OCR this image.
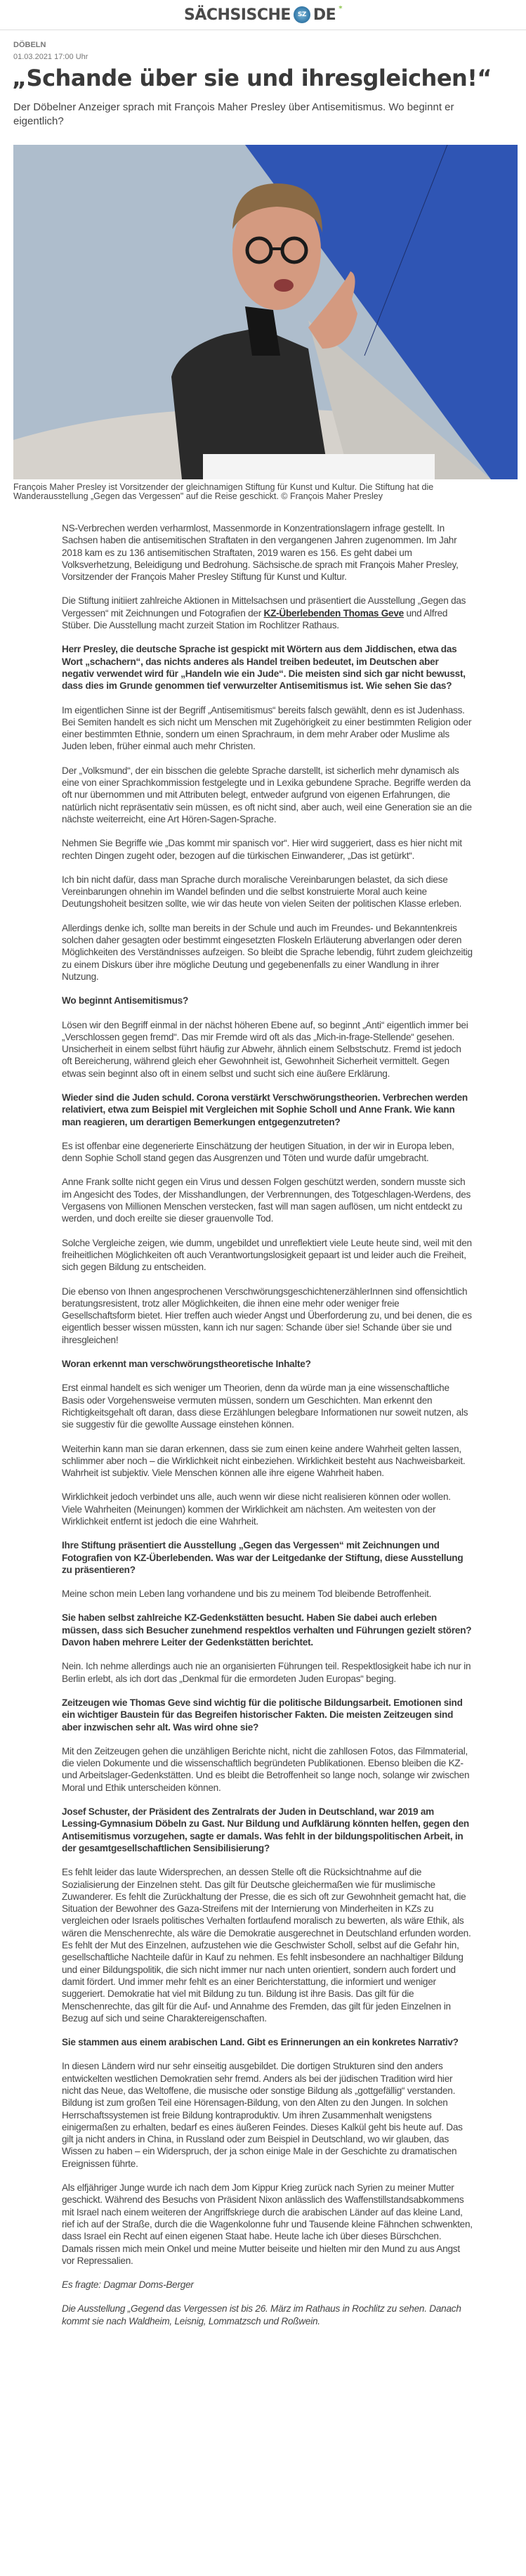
SÄCHSISCHE	SZ DE *
DÖBELN
01.03.2021 17:00 Uhr
„Schande über sie und ihresgleichen!“

Der Döbelner Anzeiger sprach mit François Maher Presley über Antisemitismus. Wo beginnt er eigentlich?

François Maher Presley ist Vorsitzender der gleichnamigen Stiftung für Kunst und Kultur. Die Stiftung hat die Wanderausstellung „Gegen das Vergessen" auf die Reise geschickt. © François Maher Presley

NS-Verbrechen werden verharmlost, Massenmorde in Konzentrationslagern infrage gestellt. In Sachsen haben die antisemitischen Straftaten in den vergangenen Jahren zugenommen. Im Jahr 2018 kam es zu 136 antisemitischen Straftaten, 2019 waren es 156. Es geht dabei um Volksverhetzung, Beleidigung und Bedrohung. Sächsische.de sprach mit François Maher Presley, Vorsitzender der François Maher Presley Stiftung für Kunst und Kultur.

Die Stiftung initiiert zahlreiche Aktionen in Mittelsachsen und präsentiert die Ausstellung „Gegen das Vergessen“ mit Zeichnungen und Fotografien der KZ-Überlebenden Thomas Geve und Alfred Stüber. Die Ausstellung macht zurzeit Station im Rochlitzer Rathaus.

Herr Presley, die deutsche Sprache ist gespickt mit Wörtern aus dem Jiddischen, etwa das Wort „schachern“, das nichts anderes als Handel treiben bedeutet, im Deutschen aber negativ verwendet wird für „Handeln wie ein Jude“. Die meisten sind sich gar nicht bewusst, dass dies im Grunde genommen tief verwurzelter Antisemitismus ist. Wie sehen Sie das?

Im eigentlichen Sinne ist der Begriff „Antisemitismus“ bereits falsch gewählt, denn es ist Judenhass. Bei Semiten handelt es sich nicht um Menschen mit Zugehörigkeit zu einer bestimmten Religion oder einer bestimmten Ethnie, sondern um einen Sprachraum, in dem mehr Araber oder Muslime als Juden leben, früher einmal auch mehr Christen.

Der „Volksmund“, der ein bisschen die gelebte Sprache darstellt, ist sicherlich mehr dynamisch als eine von einer Sprachkommission festgelegte und in Lexika gebundene Sprache. Begriffe werden da oft nur übernommen und mit Attributen belegt, entweder aufgrund von eigenen Erfahrungen, die natürlich nicht repräsentativ sein müssen, es oft nicht sind, aber auch, weil eine Generation sie an die nächste weiterreicht, eine Art Hören-Sagen-Sprache.

Nehmen Sie Begriffe wie „Das kommt mir spanisch vor“. Hier wird suggeriert, dass es hier nicht mit rechten Dingen zugeht oder, bezogen auf die türkischen Einwanderer, „Das ist getürkt“.

Ich bin nicht dafür, dass man Sprache durch moralische Vereinbarungen belastet, da sich diese Vereinbarungen ohnehin im Wandel befinden und die selbst konstruierte Moral auch keine Deutungshoheit besitzen sollte, wie wir das heute von vielen Seiten der politischen Klasse erleben.

Allerdings denke ich, sollte man bereits in der Schule und auch im Freundes- und Bekanntenkreis solchen daher gesagten oder bestimmt eingesetzten Floskeln Erläuterung abverlangen oder deren Möglichkeiten des Verständnisses aufzeigen. So bleibt die Sprache lebendig, führt zudem gleichzeitig zu einem Diskurs über ihre mögliche Deutung und gegebenenfalls zu einer Wandlung in ihrer Nutzung.

Wo beginnt Antisemitismus?

Lösen wir den Begriff einmal in der nächst höheren Ebene auf, so beginnt „Anti“ eigentlich immer bei „Verschlossen gegen fremd“. Das mir Fremde wird oft als das „Mich-in-frage-Stellende“ gesehen. Unsicherheit in einem selbst führt häufig zur Abwehr, ähnlich einem Selbstschutz. Fremd ist jedoch oft Bereicherung, während gleich eher Gewohnheit ist, Gewohnheit Sicherheit vermittelt. Gegen etwas sein beginnt also oft in einem selbst und sucht sich eine äußere Erklärung.

Wieder sind die Juden schuld. Corona verstärkt Verschwörungstheorien. Verbrechen werden relativiert, etwa zum Beispiel mit Vergleichen mit Sophie Scholl und Anne Frank. Wie kann man reagieren, um derartigen Bemerkungen entgegenzutreten?

Es ist offenbar eine degenerierte Einschätzung der heutigen Situation, in der wir in Europa leben, denn Sophie Scholl stand gegen das Ausgrenzen und Töten und wurde dafür umgebracht.

Anne Frank sollte nicht gegen ein Virus und dessen Folgen geschützt werden, sondern musste sich im Angesicht des Todes, der Misshandlungen, der Verbrennungen, des Totgeschlagen-Werdens, des Vergasens von Millionen Menschen verstecken, fast will man sagen auflösen, um nicht entdeckt zu werden, und doch ereilte sie dieser grauenvolle Tod.

Solche Vergleiche zeigen, wie dumm, ungebildet und unreflektiert viele Leute heute sind, weil mit den freiheitlichen Möglichkeiten oft auch Verantwortungslosigkeit gepaart ist und leider auch die Freiheit, sich gegen Bildung zu entscheiden.

Die ebenso von Ihnen angesprochenen VerschwörungsgeschichtenerzählerInnen sind offensichtlich beratungsresistent, trotz aller Möglichkeiten, die ihnen eine mehr oder weniger freie Gesellschaftsform bietet. Hier treffen auch wieder Angst und Überforderung zu, und bei denen, die es eigentlich besser wissen müssten, kann ich nur sagen: Schande über sie! Schande über sie und ihresgleichen!

Woran erkennt man verschwörungstheoretische Inhalte?

Erst einmal handelt es sich weniger um Theorien, denn da würde man ja eine wissenschaftliche Basis oder Vorgehensweise vermuten müssen, sondern um Geschichten. Man erkennt den Richtigkeitsgehalt oft daran, dass diese Erzählungen belegbare Informationen nur soweit nutzen, als sie suggestiv für die gewollte Aussage einstehen können.

Weiterhin kann man sie daran erkennen, dass sie zum einen keine andere Wahrheit gelten lassen, schlimmer aber noch – die Wirklichkeit nicht einbeziehen. Wirklichkeit besteht aus Nachweisbarkeit. Wahrheit ist subjektiv. Viele Menschen können alle ihre eigene Wahrheit haben.

Wirklichkeit jedoch verbindet uns alle, auch wenn wir diese nicht realisieren können oder wollen. Viele Wahrheiten (Meinungen) kommen der Wirklichkeit am nächsten. Am weitesten von der Wirklichkeit entfernt ist jedoch die eine Wahrheit.

Ihre Stiftung präsentiert die Ausstellung „Gegen das Vergessen“ mit Zeichnungen und Fotografien von KZ-Überlebenden. Was war der Leitgedanke der Stiftung, diese Ausstellung zu präsentieren?

Meine schon mein Leben lang vorhandene und bis zu meinem Tod bleibende Betroffenheit.

Sie haben selbst zahlreiche KZ-Gedenkstätten besucht. Haben Sie dabei auch erleben müssen, dass sich Besucher zunehmend respektlos verhalten und Führungen gezielt stören? Davon haben mehrere Leiter der Gedenkstätten berichtet.

Nein. Ich nehme allerdings auch nie an organisierten Führungen teil. Respektlosigkeit habe ich nur in Berlin erlebt, als ich dort das „Denkmal für die ermordeten Juden Europas“ beging.

Zeitzeugen wie Thomas Geve sind wichtig für die politische Bildungsarbeit. Emotionen sind ein wichtiger Baustein für das Begreifen historischer Fakten. Die meisten Zeitzeugen sind aber inzwischen sehr alt. Was wird ohne sie?

Mit den Zeitzeugen gehen die unzähligen Berichte nicht, nicht die zahllosen Fotos, das Filmmaterial, die vielen Dokumente und die wissenschaftlich begründeten Publikationen. Ebenso bleiben die KZ- und Arbeitslager-Gedenkstätten. Und es bleibt die Betroffenheit so lange noch, solange wir zwischen Moral und Ethik unterscheiden können.

Josef Schuster, der Präsident des Zentralrats der Juden in Deutschland, war 2019 am Lessing-Gymnasium Döbeln zu Gast. Nur Bildung und Aufklärung könnten helfen, gegen den Antisemitismus vorzugehen, sagte er damals. Was fehlt in der bildungspolitischen Arbeit, in der gesamtgesellschaftlichen Sensibilisierung?

Es fehlt leider das laute Widersprechen, an dessen Stelle oft die Rücksichtnahme auf die Sozialisierung der Einzelnen steht. Das gilt für Deutsche gleichermaßen wie für muslimische Zuwanderer. Es fehlt die Zurückhaltung der Presse, die es sich oft zur Gewohnheit gemacht hat, die Situation der Bewohner des Gaza-Streifens mit der Internierung von Minderheiten in KZs zu vergleichen oder Israels politisches Verhalten fortlaufend moralisch zu bewerten, als wäre Ethik, als wären die Menschenrechte, als wäre die Demokratie ausgerechnet in Deutschland erfunden worden. Es fehlt der Mut des Einzelnen, aufzustehen wie die Geschwister Scholl, selbst auf die Gefahr hin, gesellschaftliche Nachteile dafür in Kauf zu nehmen. Es fehlt insbesondere an nachhaltiger Bildung und einer Bildungspolitik, die sich nicht immer nur nach unten orientiert, sondern auch fordert und damit fördert. Und immer mehr fehlt es an einer Berichterstattung, die informiert und weniger suggeriert. Demokratie hat viel mit Bildung zu tun. Bildung ist ihre Basis. Das gilt für die Menschenrechte, das gilt für die Auf- und Annahme des Fremden, das gilt für jeden Einzelnen in Bezug auf sich und seine Charaktereigenschaften.

Sie stammen aus einem arabischen Land. Gibt es Erinnerungen an ein konkretes Narrativ?

In diesen Ländern wird nur sehr einseitig ausgebildet. Die dortigen Strukturen sind den anders entwickelten westlichen Demokratien sehr fremd. Anders als bei der jüdischen Tradition wird hier nicht das Neue, das Weltoffene, die musische oder sonstige Bildung als „gottgefällig“ verstanden. Bildung ist zum großen Teil eine Hörensagen-Bildung, von den Alten zu den Jungen. In solchen Herrschaftssystemen ist freie Bildung kontraproduktiv. Um ihren Zusammenhalt wenigstens einigermaßen zu erhalten, bedarf es eines äußeren Feindes. Dieses Kalkül geht bis heute auf. Das gilt ja nicht anders in China, in Russland oder zum Beispiel in Deutschland, wo wir glauben, das Wissen zu haben – ein Widerspruch, der ja schon einige Male in der Geschichte zu dramatischen Ereignissen führte.

Als elfjähriger Junge wurde ich nach dem Jom Kippur Krieg zurück nach Syrien zu meiner Mutter geschickt. Während des Besuchs von Präsident Nixon anlässlich des Waffenstillstandsabkommens mit Israel nach einem weiteren der Angriffskriege durch die arabischen Länder auf das kleine Land, rief ich auf der Straße, durch die die Wagenkolonne fuhr und Tausende kleine Fähnchen schwenkten, dass Israel ein Recht auf einen eigenen Staat habe. Heute lache ich über dieses Bürschchen. Damals rissen mich mein Onkel und meine Mutter beiseite und hielten mir den Mund zu aus Angst vor Repressalien.

Es fragte: Dagmar Doms-Berger

Die Ausstellung „Gegend das Vergessen ist bis 26. März im Rathaus in Rochlitz zu sehen. Danach kommt sie nach Waldheim, Leisnig, Lommatzsch und Roßwein.
